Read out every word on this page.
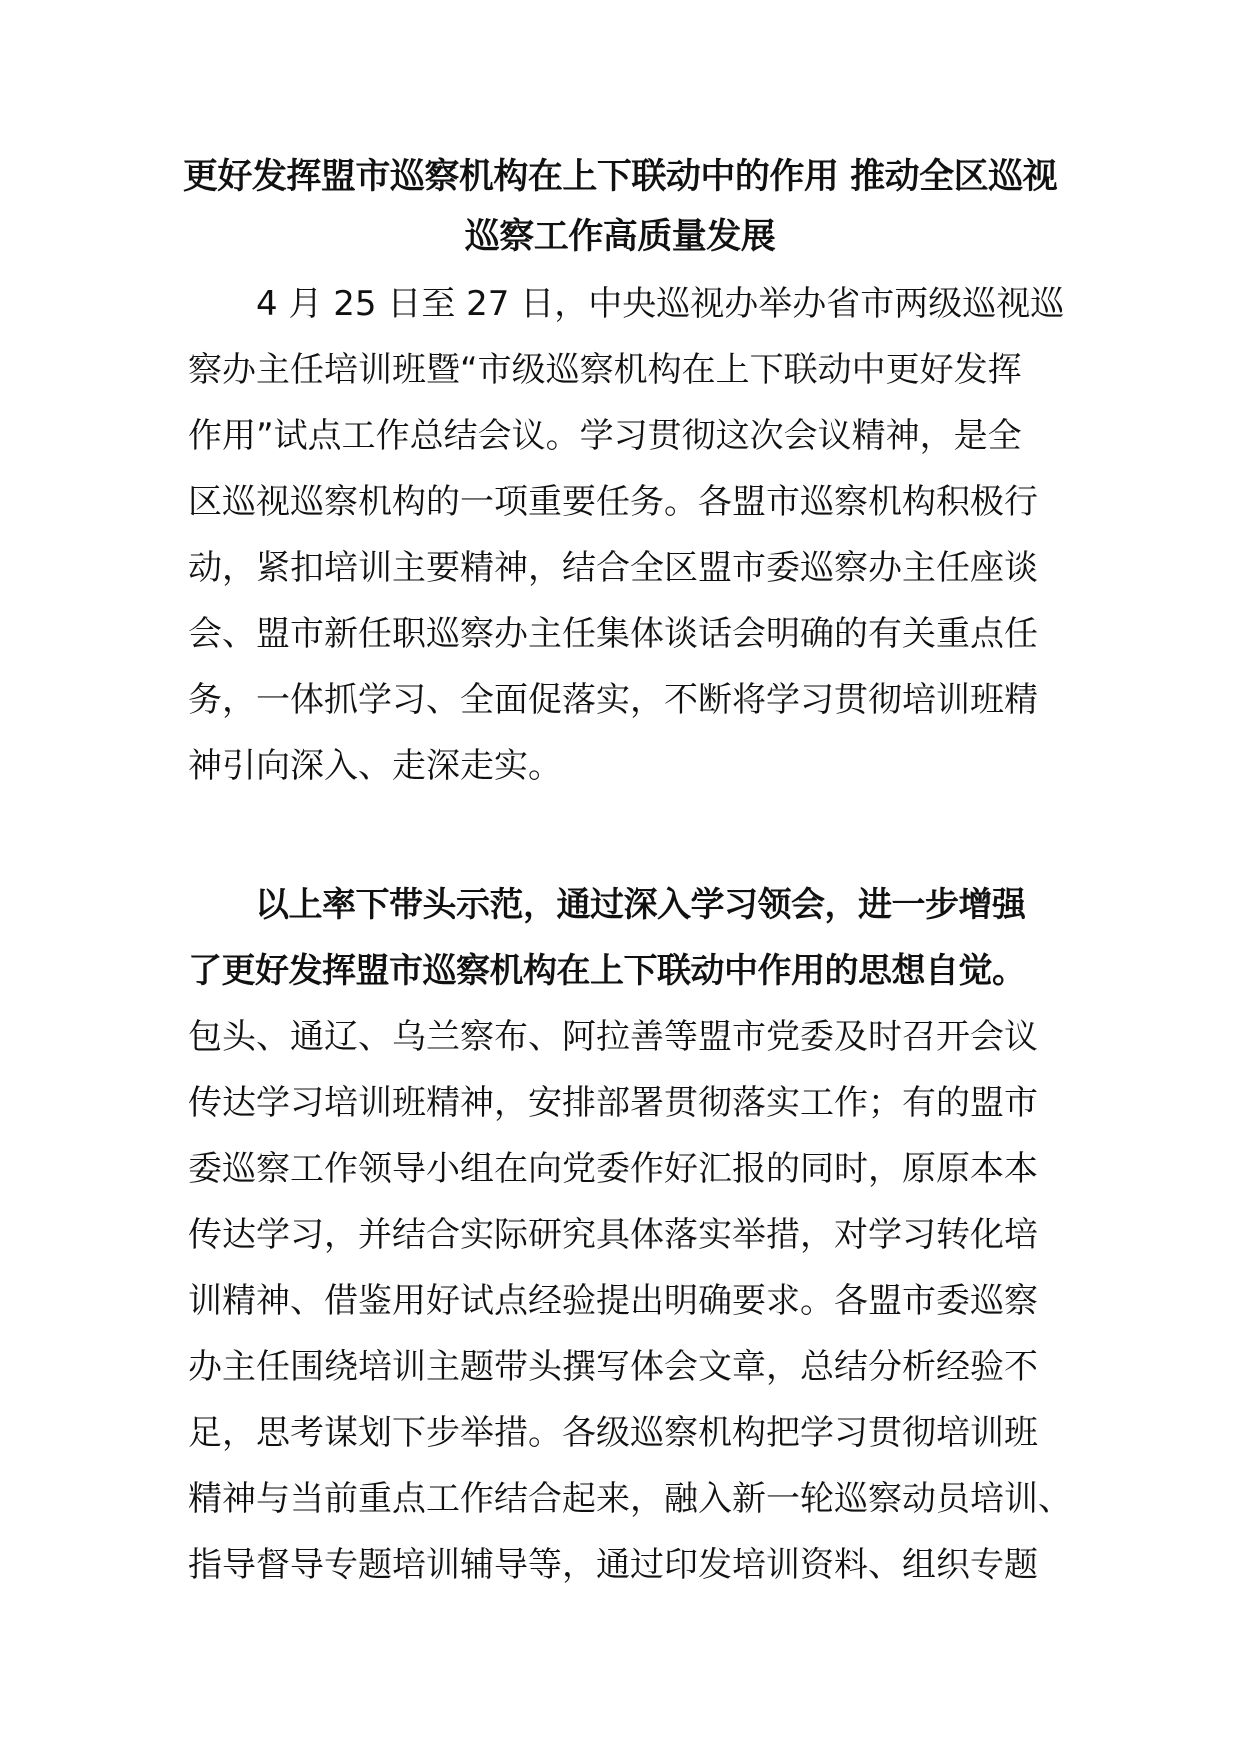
更好发挥盟市巡察机构在上下联动中的作用 推动全区巡视
巡察工作高质量发展
　　4 月 25 日至 27 日，中央巡视办举办省市两级巡视巡
察办主任培训班暨“市级巡察机构在上下联动中更好发挥
作用”试点工作总结会议。学习贯彻这次会议精神，是全
区巡视巡察机构的一项重要任务。各盟市巡察机构积极行
动，紧扣培训主要精神，结合全区盟市委巡察办主任座谈
会、盟市新任职巡察办主任集体谈话会明确的有关重点任
务，一体抓学习、全面促落实，不断将学习贯彻培训班精
神引向深入、走深走实。
　　以上率下带头示范，通过深入学习领会，进一步增强
了更好发挥盟市巡察机构在上下联动中作用的思想自觉。
包头、通辽、乌兰察布、阿拉善等盟市党委及时召开会议
传达学习培训班精神，安排部署贯彻落实工作；有的盟市
委巡察工作领导小组在向党委作好汇报的同时，原原本本
传达学习，并结合实际研究具体落实举措，对学习转化培
训精神、借鉴用好试点经验提出明确要求。各盟市委巡察
办主任围绕培训主题带头撰写体会文章，总结分析经验不
足，思考谋划下步举措。各级巡察机构把学习贯彻培训班
精神与当前重点工作结合起来，融入新一轮巡察动员培训、
指导督导专题培训辅导等，通过印发培训资料、组织专题
